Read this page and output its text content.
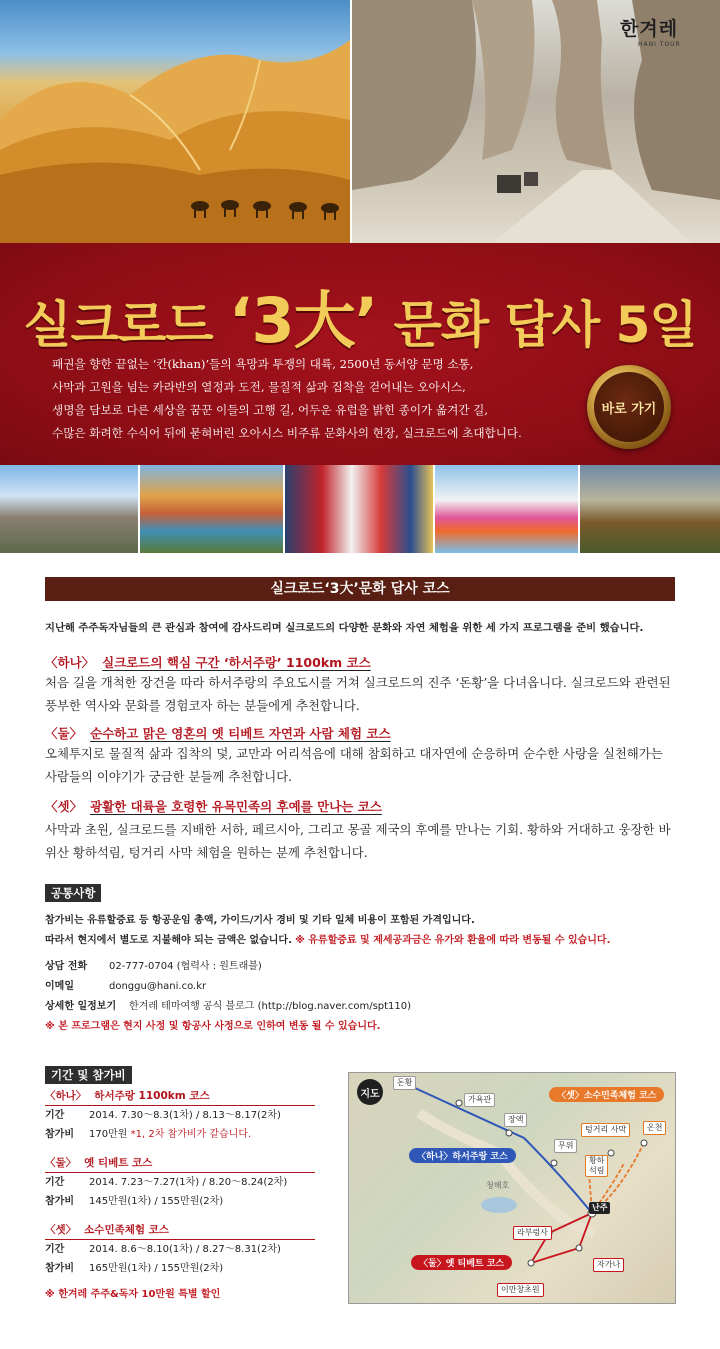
한겨레
HANI TOUR
실크로드 ‘3大’ 문화 답사 5일

패권을 향한 끝없는 ‘칸(khan)’들의 욕망과 투쟁의 대륙, 2500년 동서양 문명 소통,

사막과 고원을 넘는 카라반의 열정과 도전, 물질적 삶과 집착을 걷어내는 오아시스,

생명을 담보로 다른 세상을 꿈꾼 이들의 고행 길, 어두운 유럽을 밝힌 종이가 옮겨간 길,

수많은 화려한 수식어 뒤에 묻혀버린 오아시스 비주류 문화사의 현장, 실크로드에 초대합니다.

바로 가기
실크로드‘3大’문화 답사 코스
지난해 주주독자님들의 큰 관심과 참여에 감사드리며 실크로드의 다양한 문화와 자연 체험을 위한 세 가지 프로그램을 준비 했습니다.
〈하나〉 실크로드의 핵심 구간 ‘하서주랑’ 1100km 코스
처음 길을 개척한 장건을 따라 하서주랑의 주요도시를 거쳐 실크로드의 진주 ‘돈황’을 다녀옵니다. 실크로드와 관련된 풍부한 역사와 문화를 경험코자 하는 분들에게 추천합니다.
〈둘〉 순수하고 맑은 영혼의 옛 티베트 자연과 사람 체험 코스
오체투지로 물질적 삶과 집착의 덫, 교만과 어리석음에 대해 참회하고 대자연에 순응하며 순수한 사랑을 실천해가는 사람들의 이야기가 궁금한 분들께 추천합니다.
〈셋〉 광활한 대륙을 호령한 유목민족의 후예를 만나는 코스
사막과 초원, 실크로드를 지배한 서하, 페르시아, 그리고 몽골 제국의 후예를 만나는 기회. 황하와 거대하고 웅장한 바위산 황하석림, 텅거리 사막 체험을 원하는 분께 추천합니다.
공통사항
참가비는 유류할증료 등 항공운임 총액, 가이드/기사 경비 및 기타 일체 비용이 포함된 가격입니다.
따라서 현지에서 별도로 지불해야 되는 금액은 없습니다. ※ 유류할증료 및 제세공과금은 유가와 환율에 따라 변동될 수 있습니다.
상담 전화 02-777-0704 (협력사 : 원트래블)
이메일	donggu@hani.co.kr
상세한 일정보기 한겨레 테마여행 공식 블로그 (http://blog.naver.com/spt110)
※ 본 프로그램은 현지 사정 및 항공사 사정으로 인하여 변동 될 수 있습니다.
기간 및 참가비
〈하나〉 하서주랑 1100km 코스
기간 2014. 7.30～8.3(1차) / 8.13～8.17(2차)
참가비 170만원 *1, 2차 참가비가 같습니다.
〈둘〉 옛 티베트 코스
기간 2014. 7.23～7.27(1차) / 8.20～8.24(2차)
참가비 145만원(1차) / 155만원(2차)
〈셋〉 소수민족체험 코스
기간 2014. 8.6～8.10(1차) / 8.27～8.31(2차)
참가비 165만원(1차) / 155만원(2차)
※ 한겨레 주주&독자 10만원 특별 할인
지도
돈황
가욕관
장액
무위
텅거리 사막	온천
황하
석림
청해호
난주
라부렁사
자가나
이만창초원
〈셋〉소수민족체험 코스
〈하나〉하서주랑 코스
〈둘〉옛 티베트 코스
